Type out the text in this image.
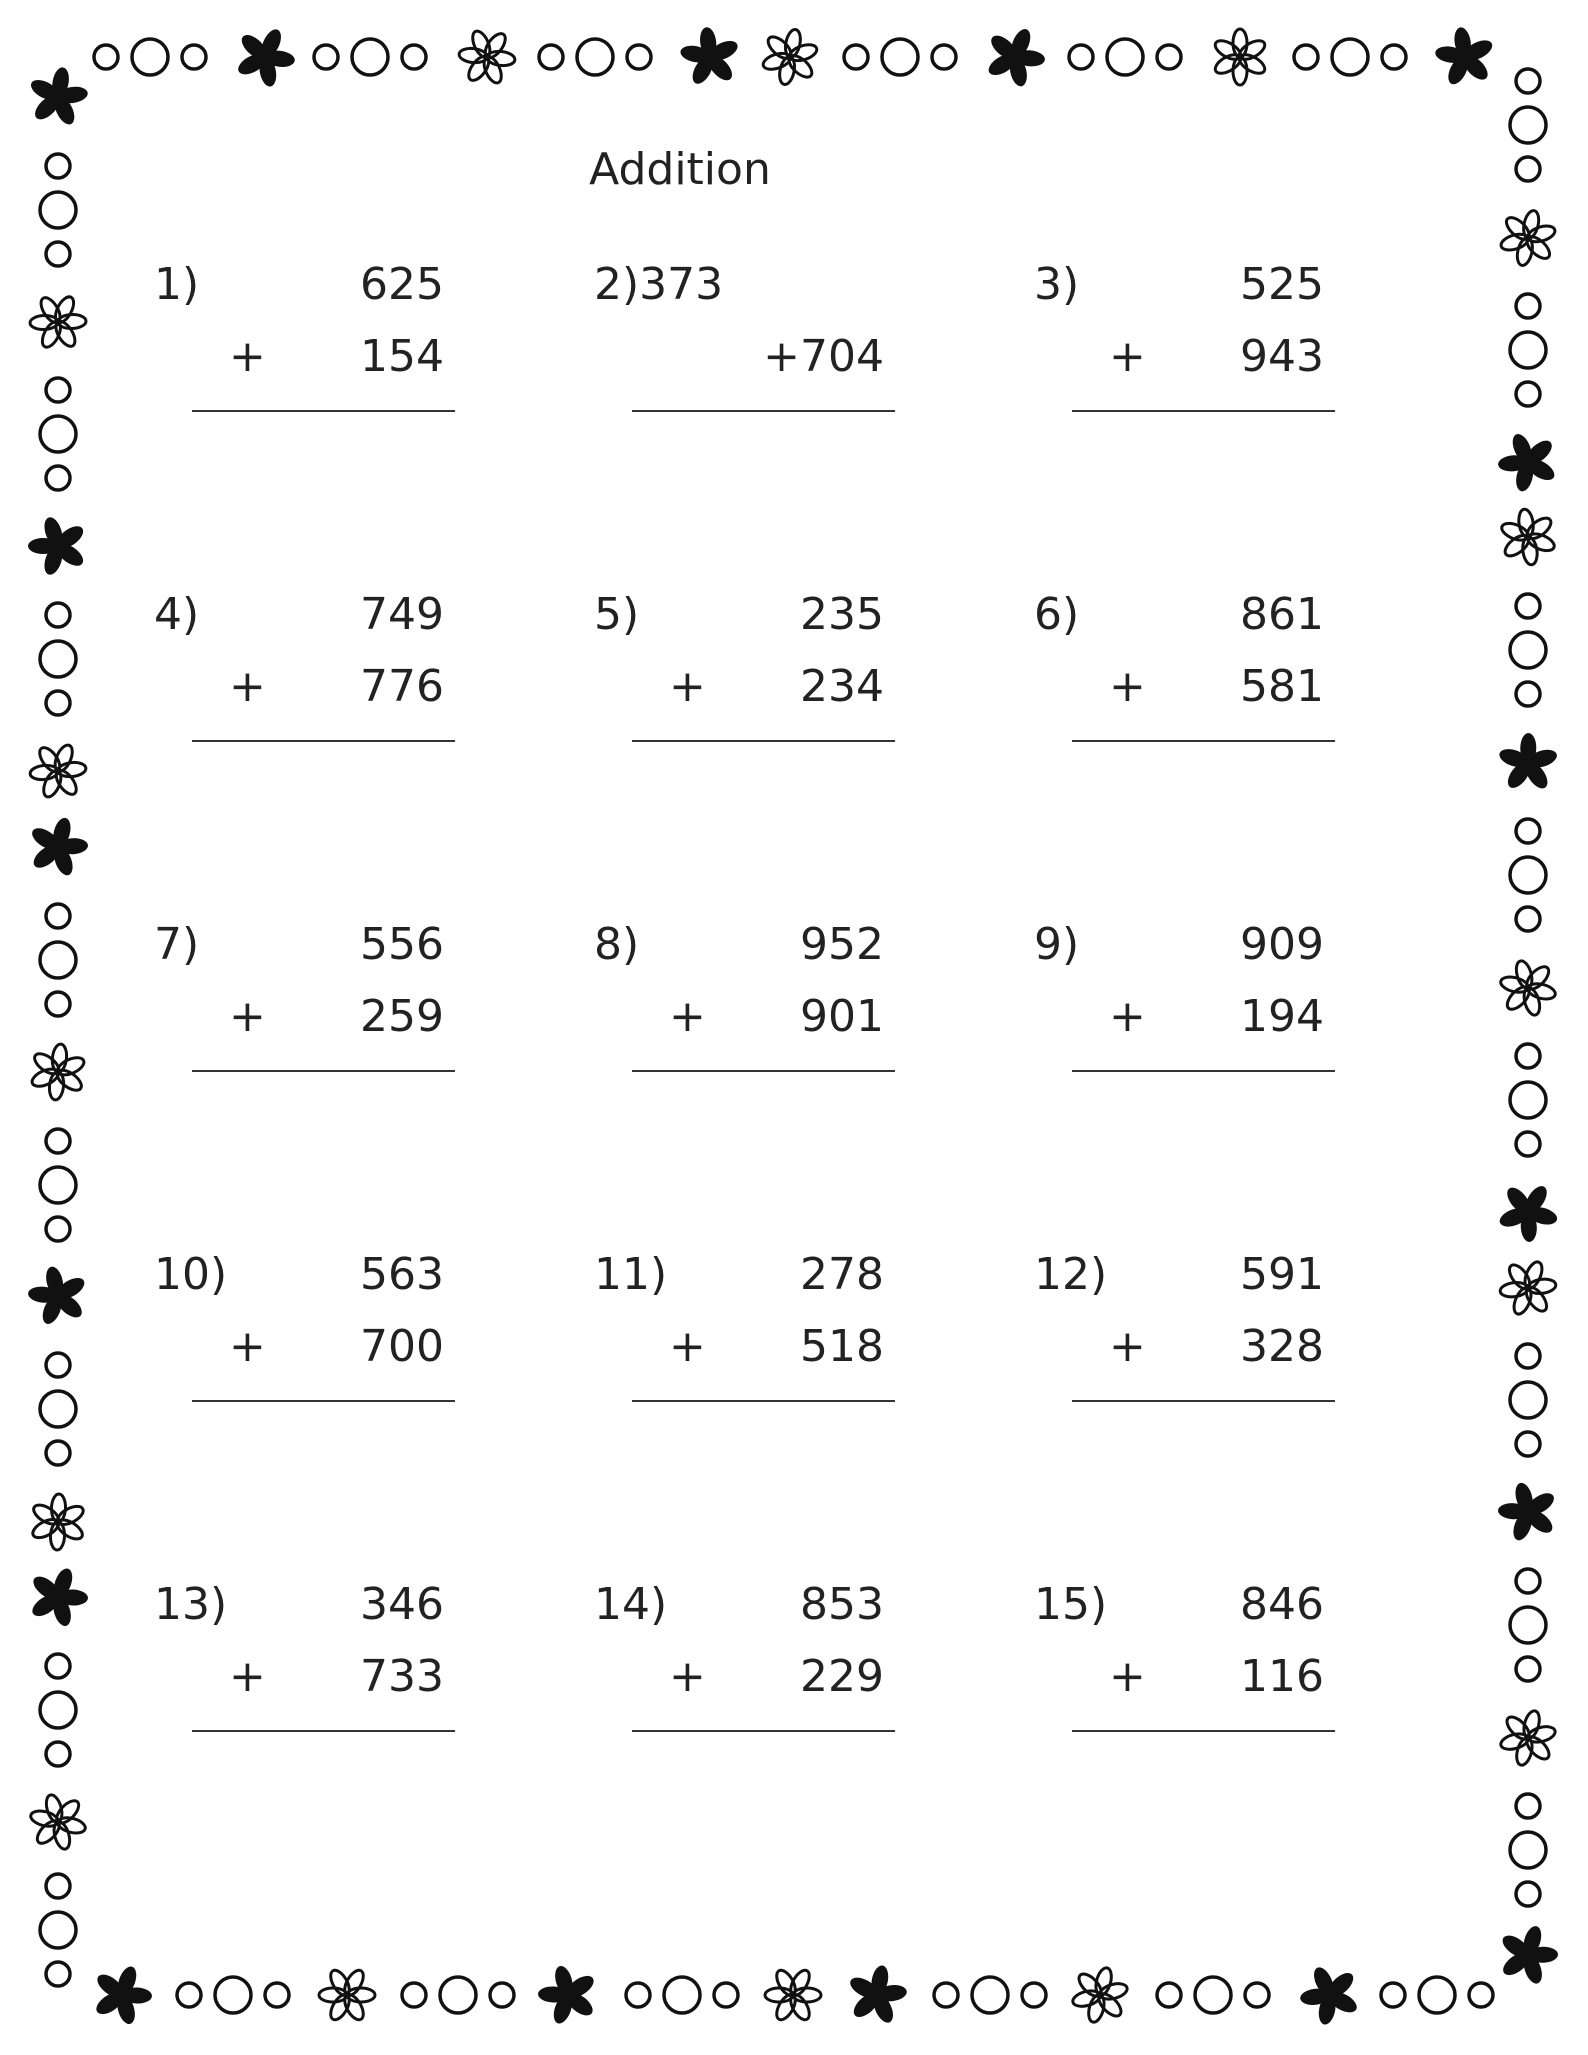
Addition
1)	625
+ 154
2)373
+704
3)	525
+ 943
4)	749
+ 776
5)	235
+ 234
6)	861
+ 581
7)	556
+ 259
8)	952
+ 901
9)	909
+ 194
10)	563
+ 700
11)	278
+ 518
12)	591
+ 328
13)	346
+ 733
14)	853
+ 229
15)	846
+ 116
